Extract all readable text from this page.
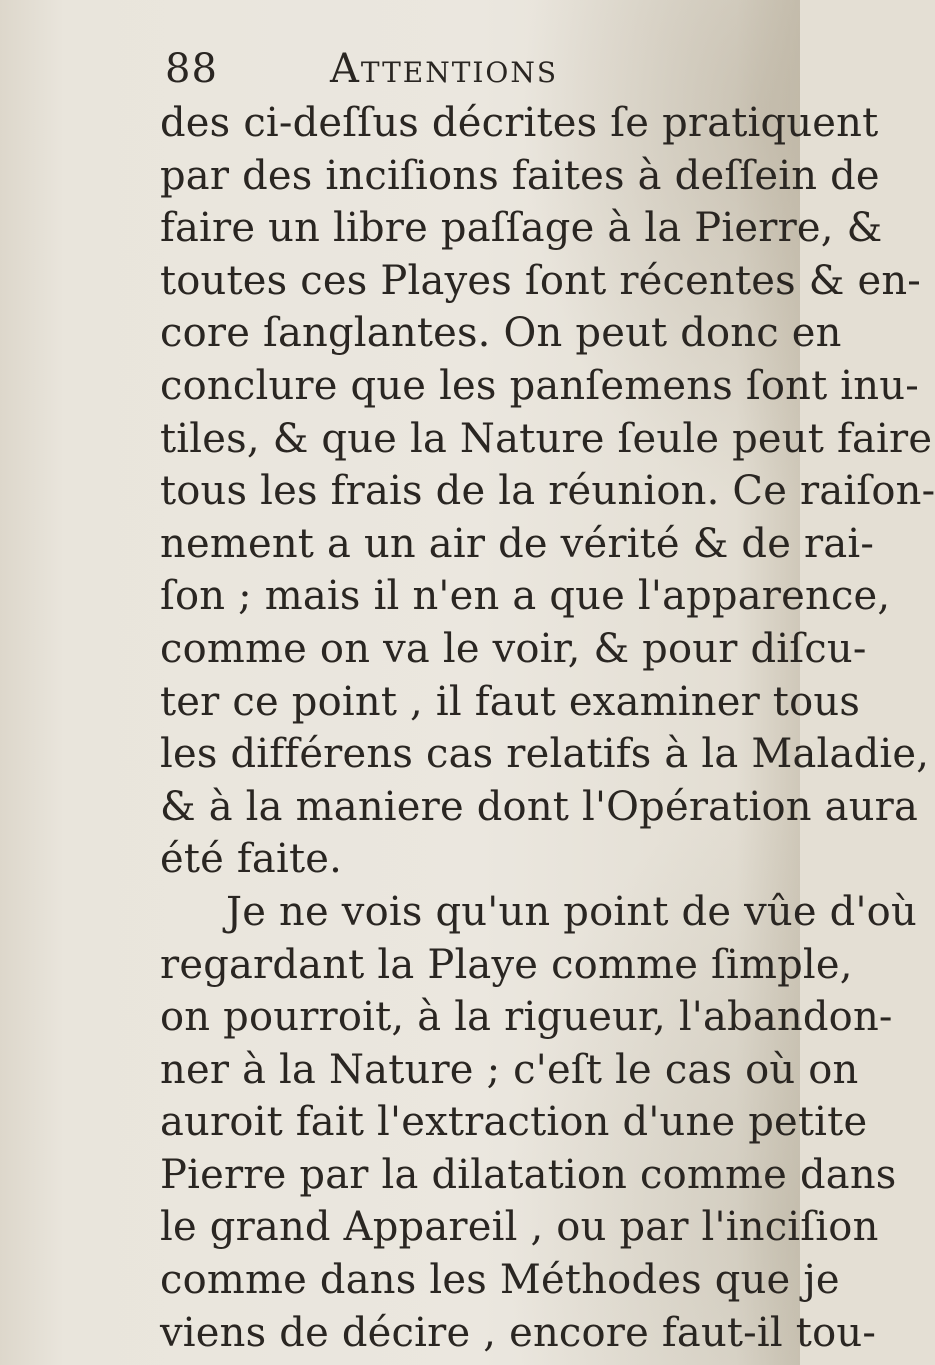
88	Attentions
des ci-deſſus décrites ſe pratiquent
par des inciſions faites à deſſein de
faire un libre paſſage à la Pierre, &
toutes ces Playes ſont récentes & en-
core ſanglantes. On peut donc en
conclure que les panſemens ſont inu-
tiles, & que la Nature ſeule peut faire
tous les frais de la réunion. Ce raiſon-
nement a un air de vérité & de rai-
ſon ; mais il n'en a que l'apparence,
comme on va le voir, & pour diſcu-
ter ce point , il faut examiner tous
les différens cas relatifs à la Maladie,
& à la maniere dont l'Opération aura
été faite.
Je ne vois qu'un point de vûe d'où
regardant la Playe comme ſimple,
on pourroit, à la rigueur, l'abandon-
ner à la Nature ; c'eſt le cas où on
auroit fait l'extraction d'une petite
Pierre par la dilatation comme dans
le grand Appareil , ou par l'inciſion
comme dans les Méthodes que je
viens de décire , encore faut-il tou-
